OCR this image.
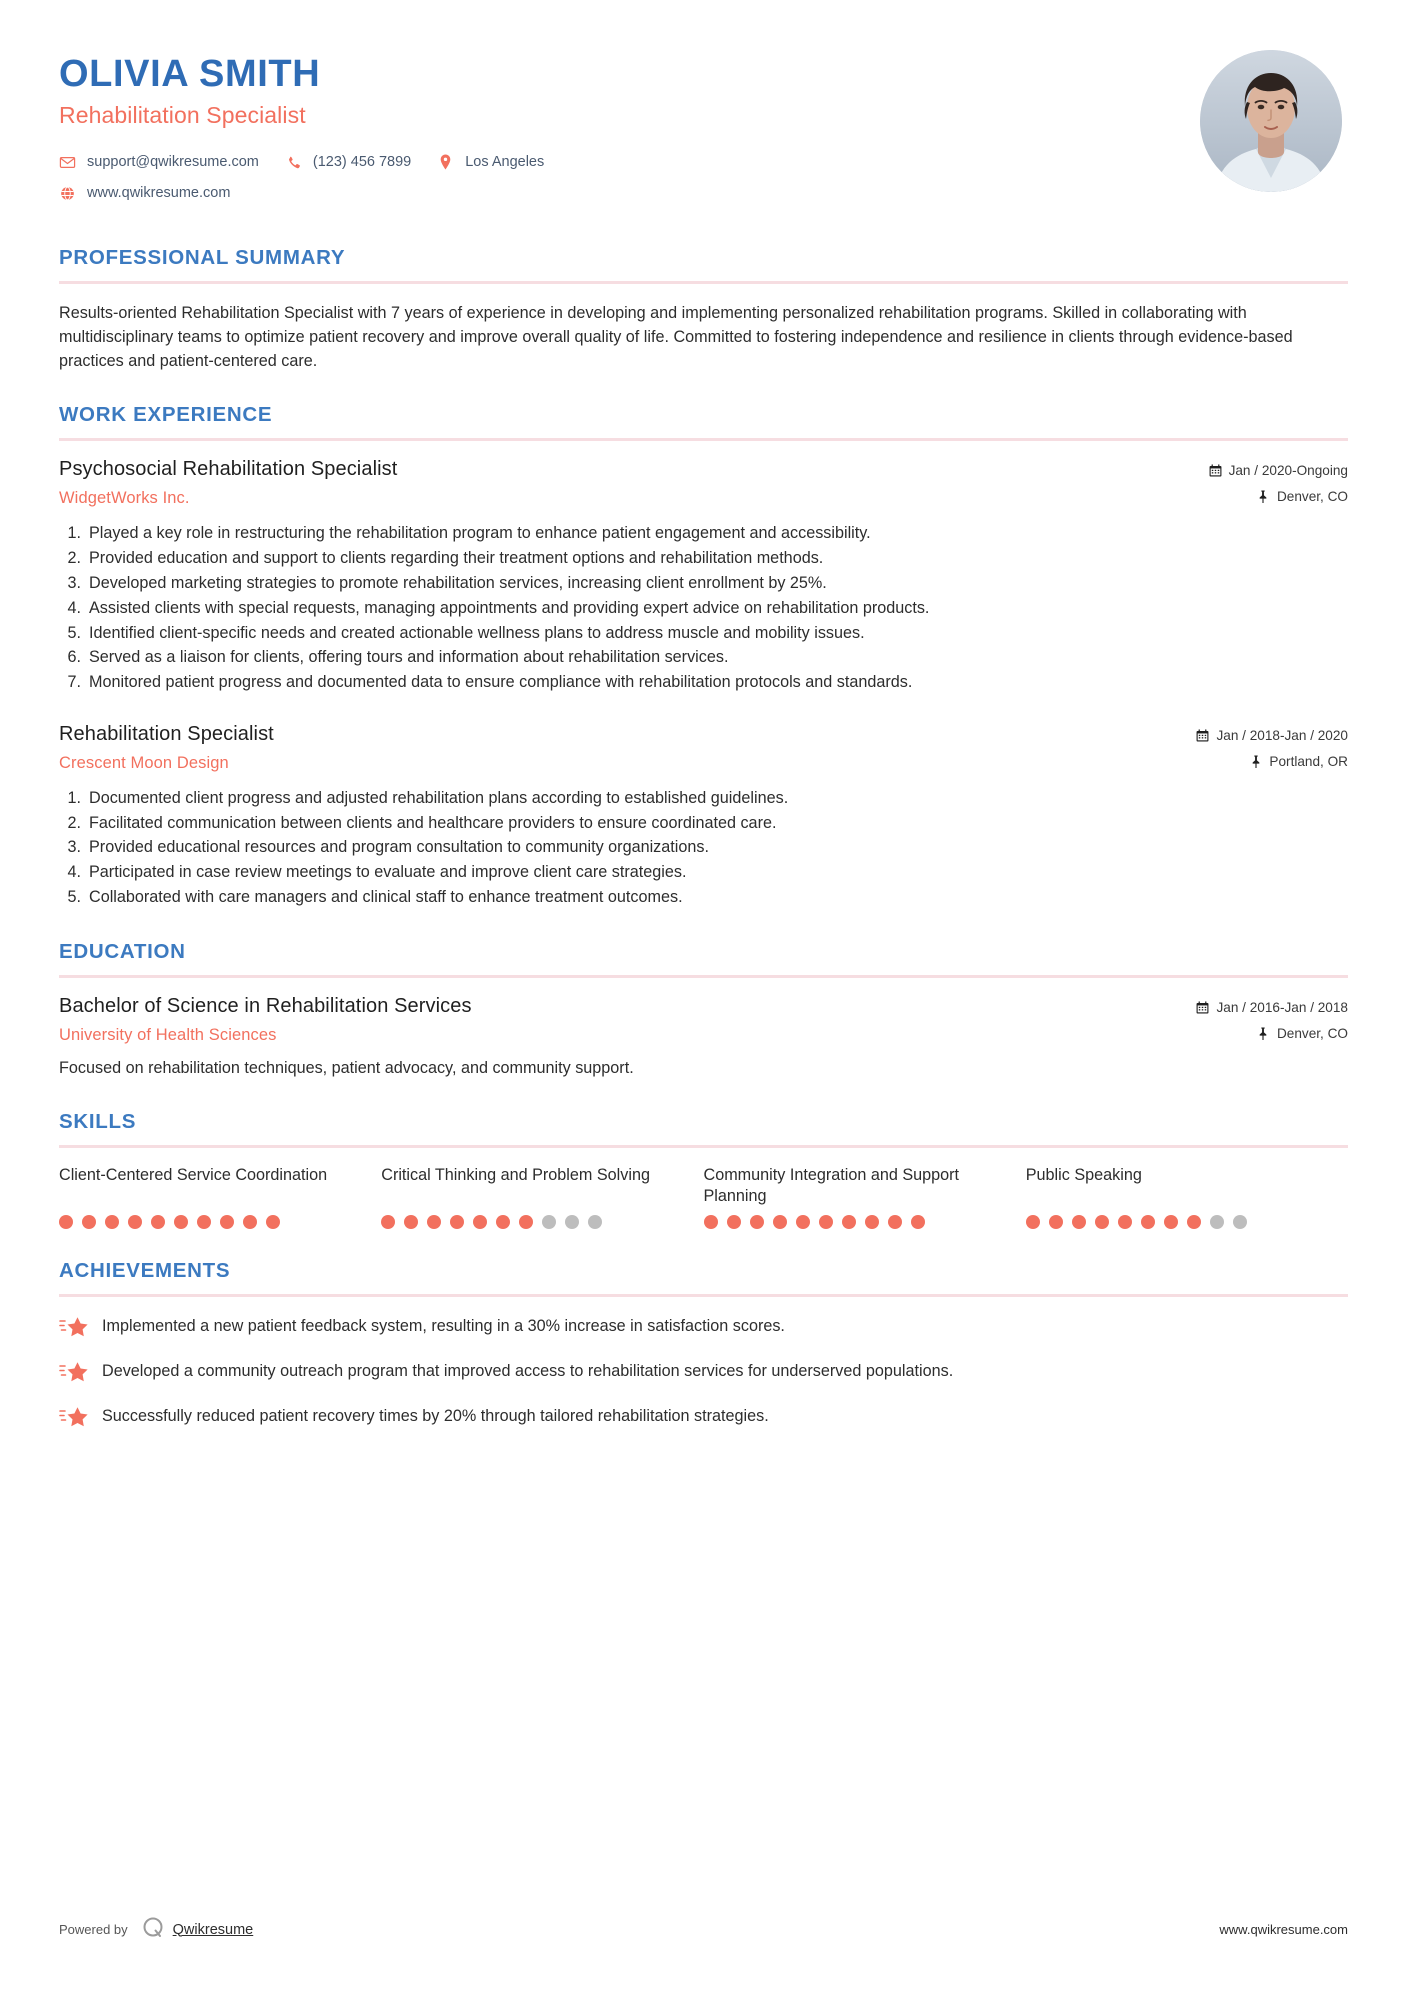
OLIVIA SMITH
Rehabilitation Specialist
support@qwikresume.com	(123) 456 7899	Los Angeles
www.qwikresume.com
PROFESSIONAL SUMMARY
Results-oriented Rehabilitation Specialist with 7 years of experience in developing and implementing personalized rehabilitation programs. Skilled in collaborating with multidisciplinary teams to optimize patient recovery and improve overall quality of life. Committed to fostering independence and resilience in clients through evidence-based practices and patient-centered care.
WORK EXPERIENCE
Psychosocial Rehabilitation Specialist
WidgetWorks Inc.
Jan / 2020-Ongoing
Denver, CO
1. Played a key role in restructuring the rehabilitation program to enhance patient engagement and accessibility.
2. Provided education and support to clients regarding their treatment options and rehabilitation methods.
3. Developed marketing strategies to promote rehabilitation services, increasing client enrollment by 25%.
4. Assisted clients with special requests, managing appointments and providing expert advice on rehabilitation products.
5. Identified client-specific needs and created actionable wellness plans to address muscle and mobility issues.
6. Served as a liaison for clients, offering tours and information about rehabilitation services.
7. Monitored patient progress and documented data to ensure compliance with rehabilitation protocols and standards.
Rehabilitation Specialist
Crescent Moon Design
Jan / 2018-Jan / 2020
Portland, OR
1. Documented client progress and adjusted rehabilitation plans according to established guidelines.
2. Facilitated communication between clients and healthcare providers to ensure coordinated care.
3. Provided educational resources and program consultation to community organizations.
4. Participated in case review meetings to evaluate and improve client care strategies.
5. Collaborated with care managers and clinical staff to enhance treatment outcomes.
EDUCATION
Bachelor of Science in Rehabilitation Services
University of Health Sciences
Jan / 2016-Jan / 2018
Denver, CO
Focused on rehabilitation techniques, patient advocacy, and community support.
SKILLS
Client-Centered Service Coordination	Critical Thinking and Problem Solving	Community Integration and Support Planning
Public Speaking
ACHIEVEMENTS
Implemented a new patient feedback system, resulting in a 30% increase in satisfaction scores.
Developed a community outreach program that improved access to rehabilitation services for underserved populations.
Successfully reduced patient recovery times by 20% through tailored rehabilitation strategies.
Powered by	Qwikresume	www.qwikresume.com
